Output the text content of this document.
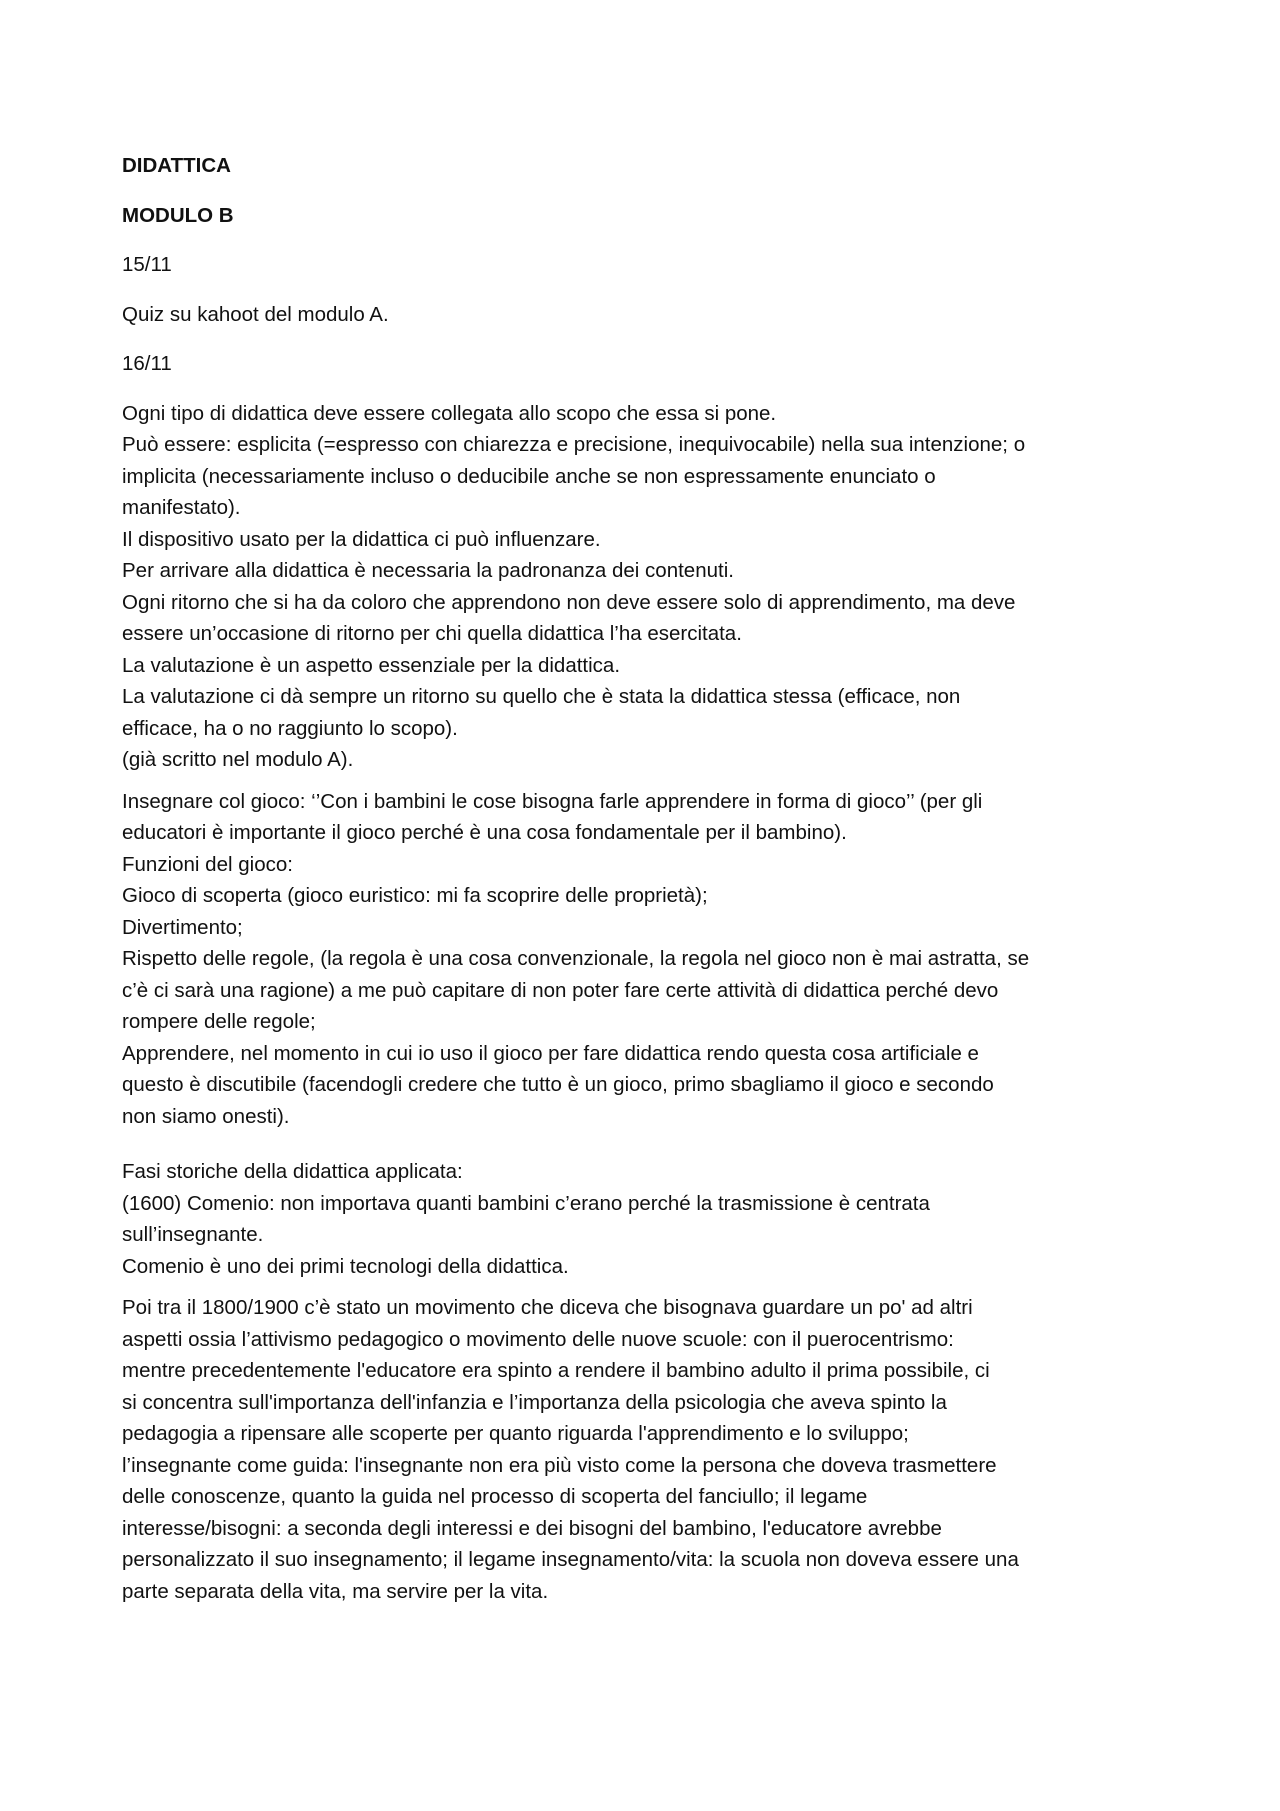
DIDATTICA
MODULO B
15/11
Quiz su kahoot del modulo A.
16/11
Ogni tipo di didattica deve essere collegata allo scopo che essa si pone.
Può essere: esplicita (=espresso con chiarezza e precisione, inequivocabile) nella sua intenzione; o
implicita (necessariamente incluso o deducibile anche se non espressamente enunciato o
manifestato).
Il dispositivo usato per la didattica ci può influenzare.
Per arrivare alla didattica è necessaria la padronanza dei contenuti.
Ogni ritorno che si ha da coloro che apprendono non deve essere solo di apprendimento, ma deve
essere un’occasione di ritorno per chi quella didattica l’ha esercitata.
La valutazione è un aspetto essenziale per la didattica.
La valutazione ci dà sempre un ritorno su quello che è stata la didattica stessa (efficace, non
efficace, ha o no raggiunto lo scopo).
(già scritto nel modulo A).
Insegnare col gioco: ‘’Con i bambini le cose bisogna farle apprendere in forma di gioco’’ (per gli
educatori è importante il gioco perché è una cosa fondamentale per il bambino).
Funzioni del gioco:
Gioco di scoperta (gioco euristico: mi fa scoprire delle proprietà);
Divertimento;
Rispetto delle regole, (la regola è una cosa convenzionale, la regola nel gioco non è mai astratta, se
c’è ci sarà una ragione) a me può capitare di non poter fare certe attività di didattica perché devo
rompere delle regole;
Apprendere, nel momento in cui io uso il gioco per fare didattica rendo questa cosa artificiale e
questo è discutibile (facendogli credere che tutto è un gioco, primo sbagliamo il gioco e secondo
non siamo onesti).
Fasi storiche della didattica applicata:
(1600) Comenio: non importava quanti bambini c’erano perché la trasmissione è centrata
sull’insegnante.
Comenio è uno dei primi tecnologi della didattica.
Poi tra il 1800/1900 c’è stato un movimento che diceva che bisognava guardare un po' ad altri
aspetti ossia l’attivismo pedagogico o movimento delle nuove scuole: con il puerocentrismo:
mentre precedentemente l'educatore era spinto a rendere il bambino adulto il prima possibile, ci
si concentra sull'importanza dell'infanzia e l’importanza della psicologia che aveva spinto la
pedagogia a ripensare alle scoperte per quanto riguarda l'apprendimento e lo sviluppo;
l’insegnante come guida: l'insegnante non era più visto come la persona che doveva trasmettere
delle conoscenze, quanto la guida nel processo di scoperta del fanciullo; il legame
interesse/bisogni: a seconda degli interessi e dei bisogni del bambino, l'educatore avrebbe
personalizzato il suo insegnamento; il legame insegnamento/vita: la scuola non doveva essere una
parte separata della vita, ma servire per la vita.
